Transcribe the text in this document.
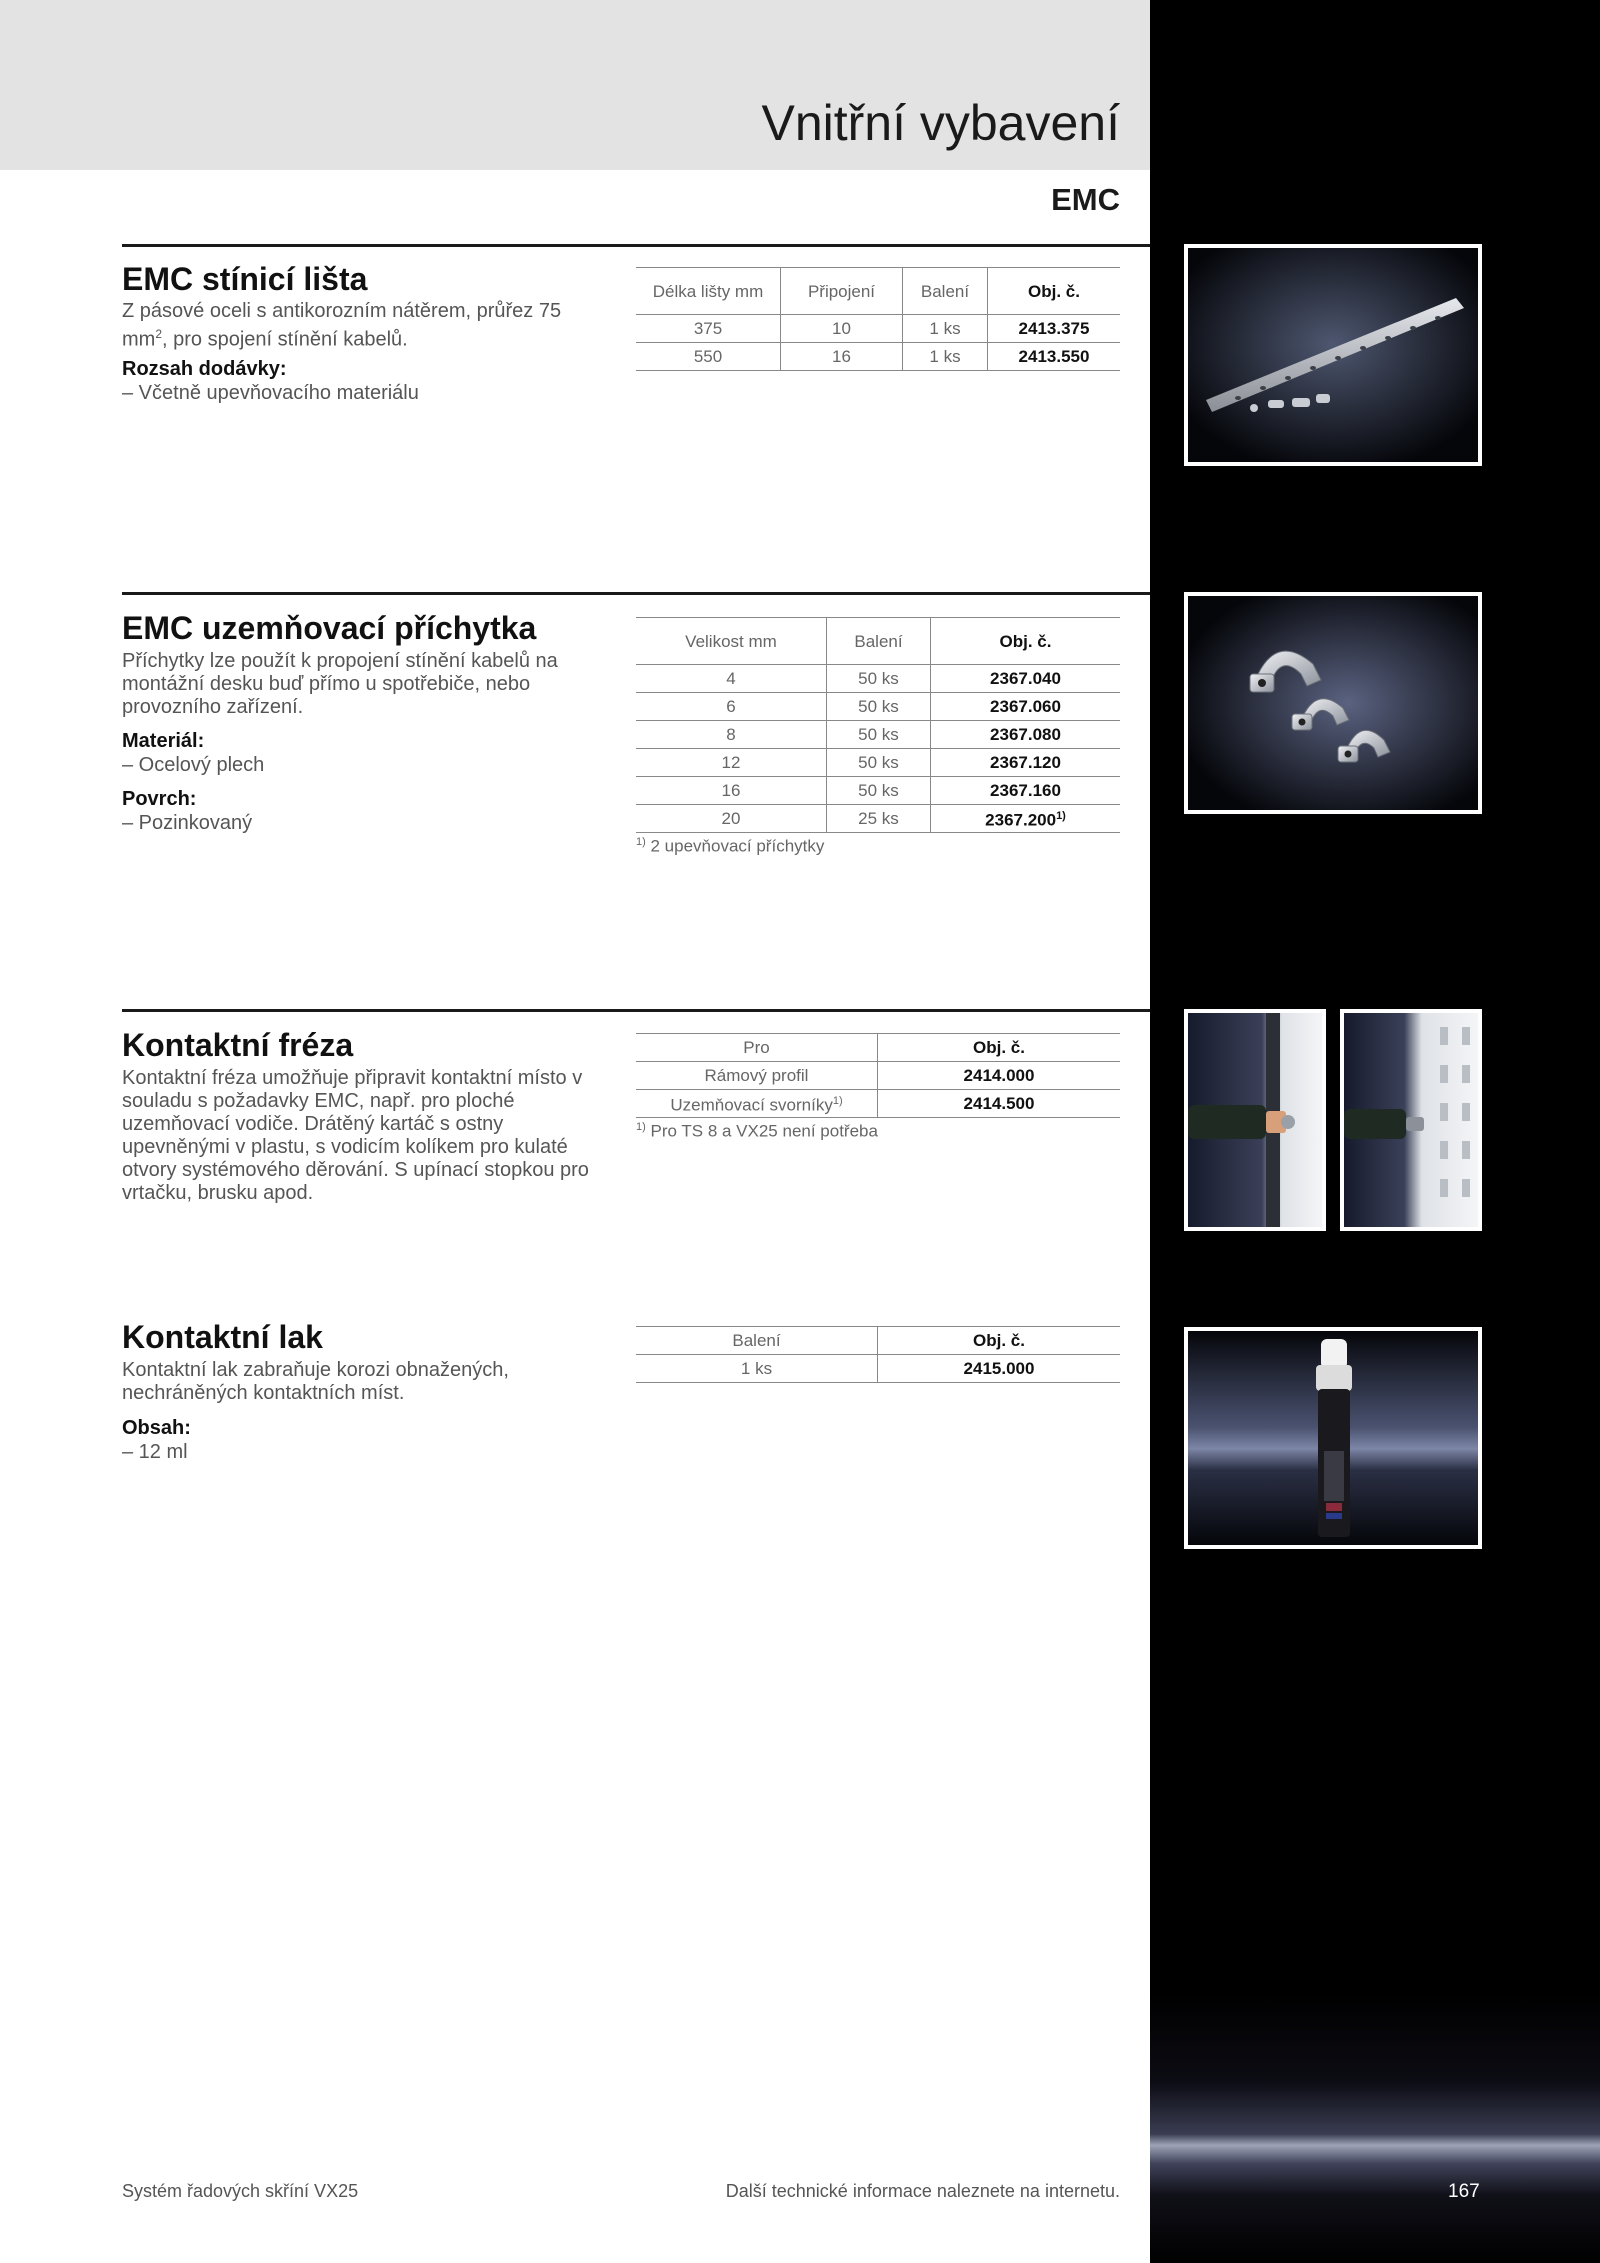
Vnitřní vybavení
EMC
EMC stínicí lišta

Z pásové oceli s antikorozním nátěrem, průřez 75 $mm^2$, pro spojení stínění kabelů.

Rozsah dodávky:

– Včetně upevňovacího materiálu

Délka lišty mm	Připojení	Balení	Obj. č.
375	10	1 ks	2413.375
550	16	1 ks	2413.550
EMC uzemňovací příchytka

Příchytky lze použít k propojení stínění kabelů na montážní desku buď přímo u spotřebiče, nebo provozního zařízení.

Materiál:

– Ocelový plech

Povrch:

– Pozinkovaný

Velikost mm	Balení	Obj. č.
4	50 ks	2367.040
6	50 ks	2367.060
8	50 ks	2367.080
12	50 ks	2367.120
16	50 ks	2367.160
20	25 ks	2367.200$^{1)}$

$^{1)}$ 2 upevňovací příchytky

Kontaktní fréza

Kontaktní fréza umožňuje připravit kontaktní místo v souladu s požadavky EMC, např. pro ploché uzemňovací vodiče. Drátěný kartáč s ostny upevněnými v plastu, s vodicím kolíkem pro kulaté otvory systémového děrování. S upínací stopkou pro vrtačku, brusku apod.

Pro	Obj. č.
Rámový profil	2414.000
Uzemňovací svorníky$^{1)}$	2414.500

$^{1)}$ Pro TS 8 a VX25 není potřeba

Kontaktní lak

Kontaktní lak zabraňuje korozi obnažených, nechráněných kontaktních míst.

Obsah:

– 12 ml

Balení	Obj. č.
1 ks	2415.000

Systém řadových skříní VX25	Další technické informace naleznete na internetu.	167
